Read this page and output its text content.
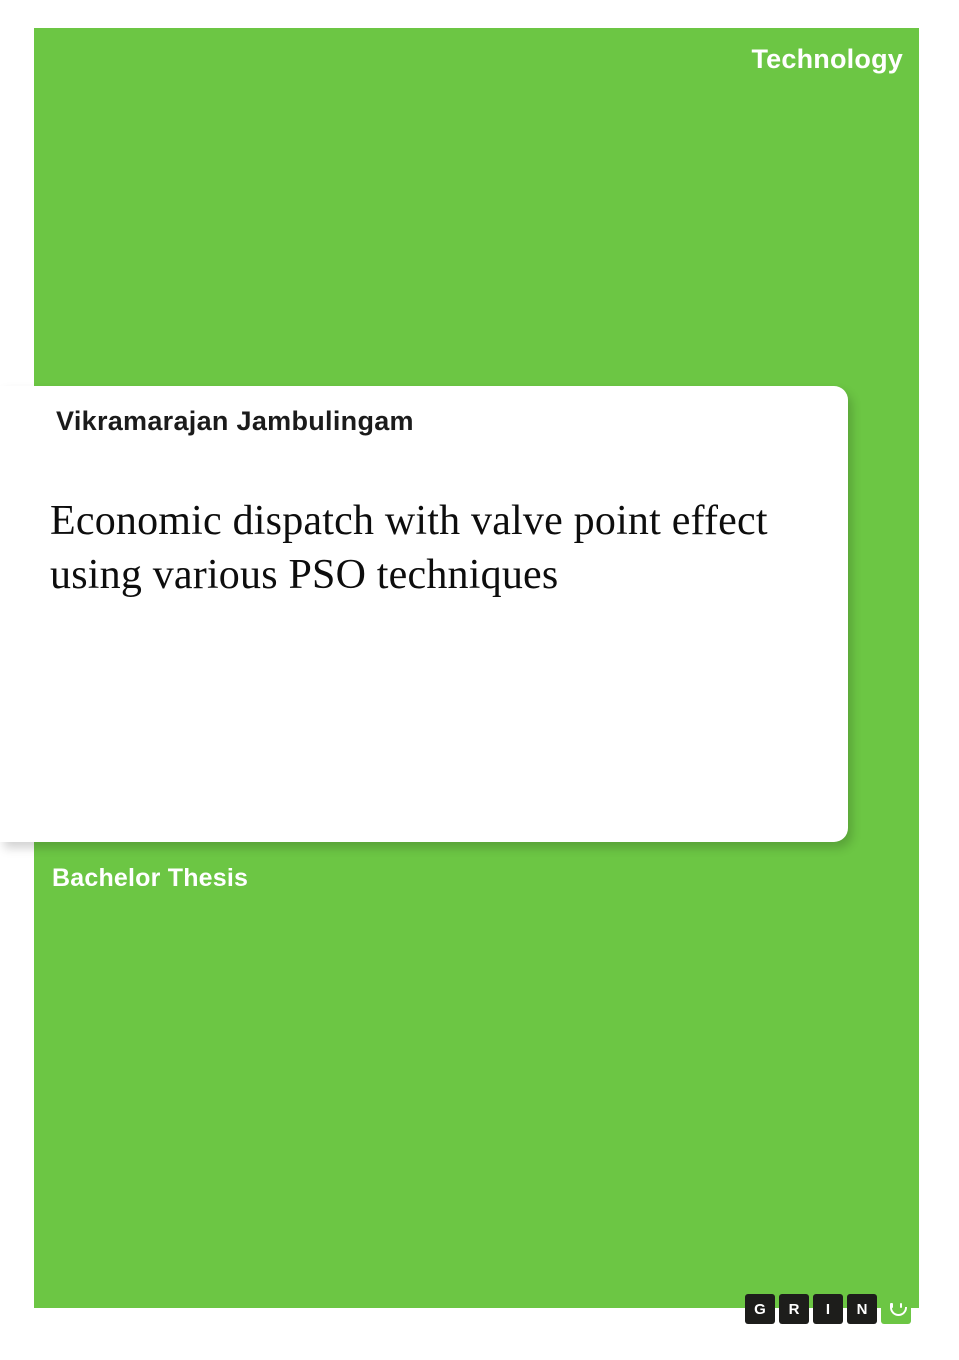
Technology
Vikramarajan Jambulingam
Economic dispatch with valve point effect using various PSO techniques
Bachelor Thesis
G	R	I	N
